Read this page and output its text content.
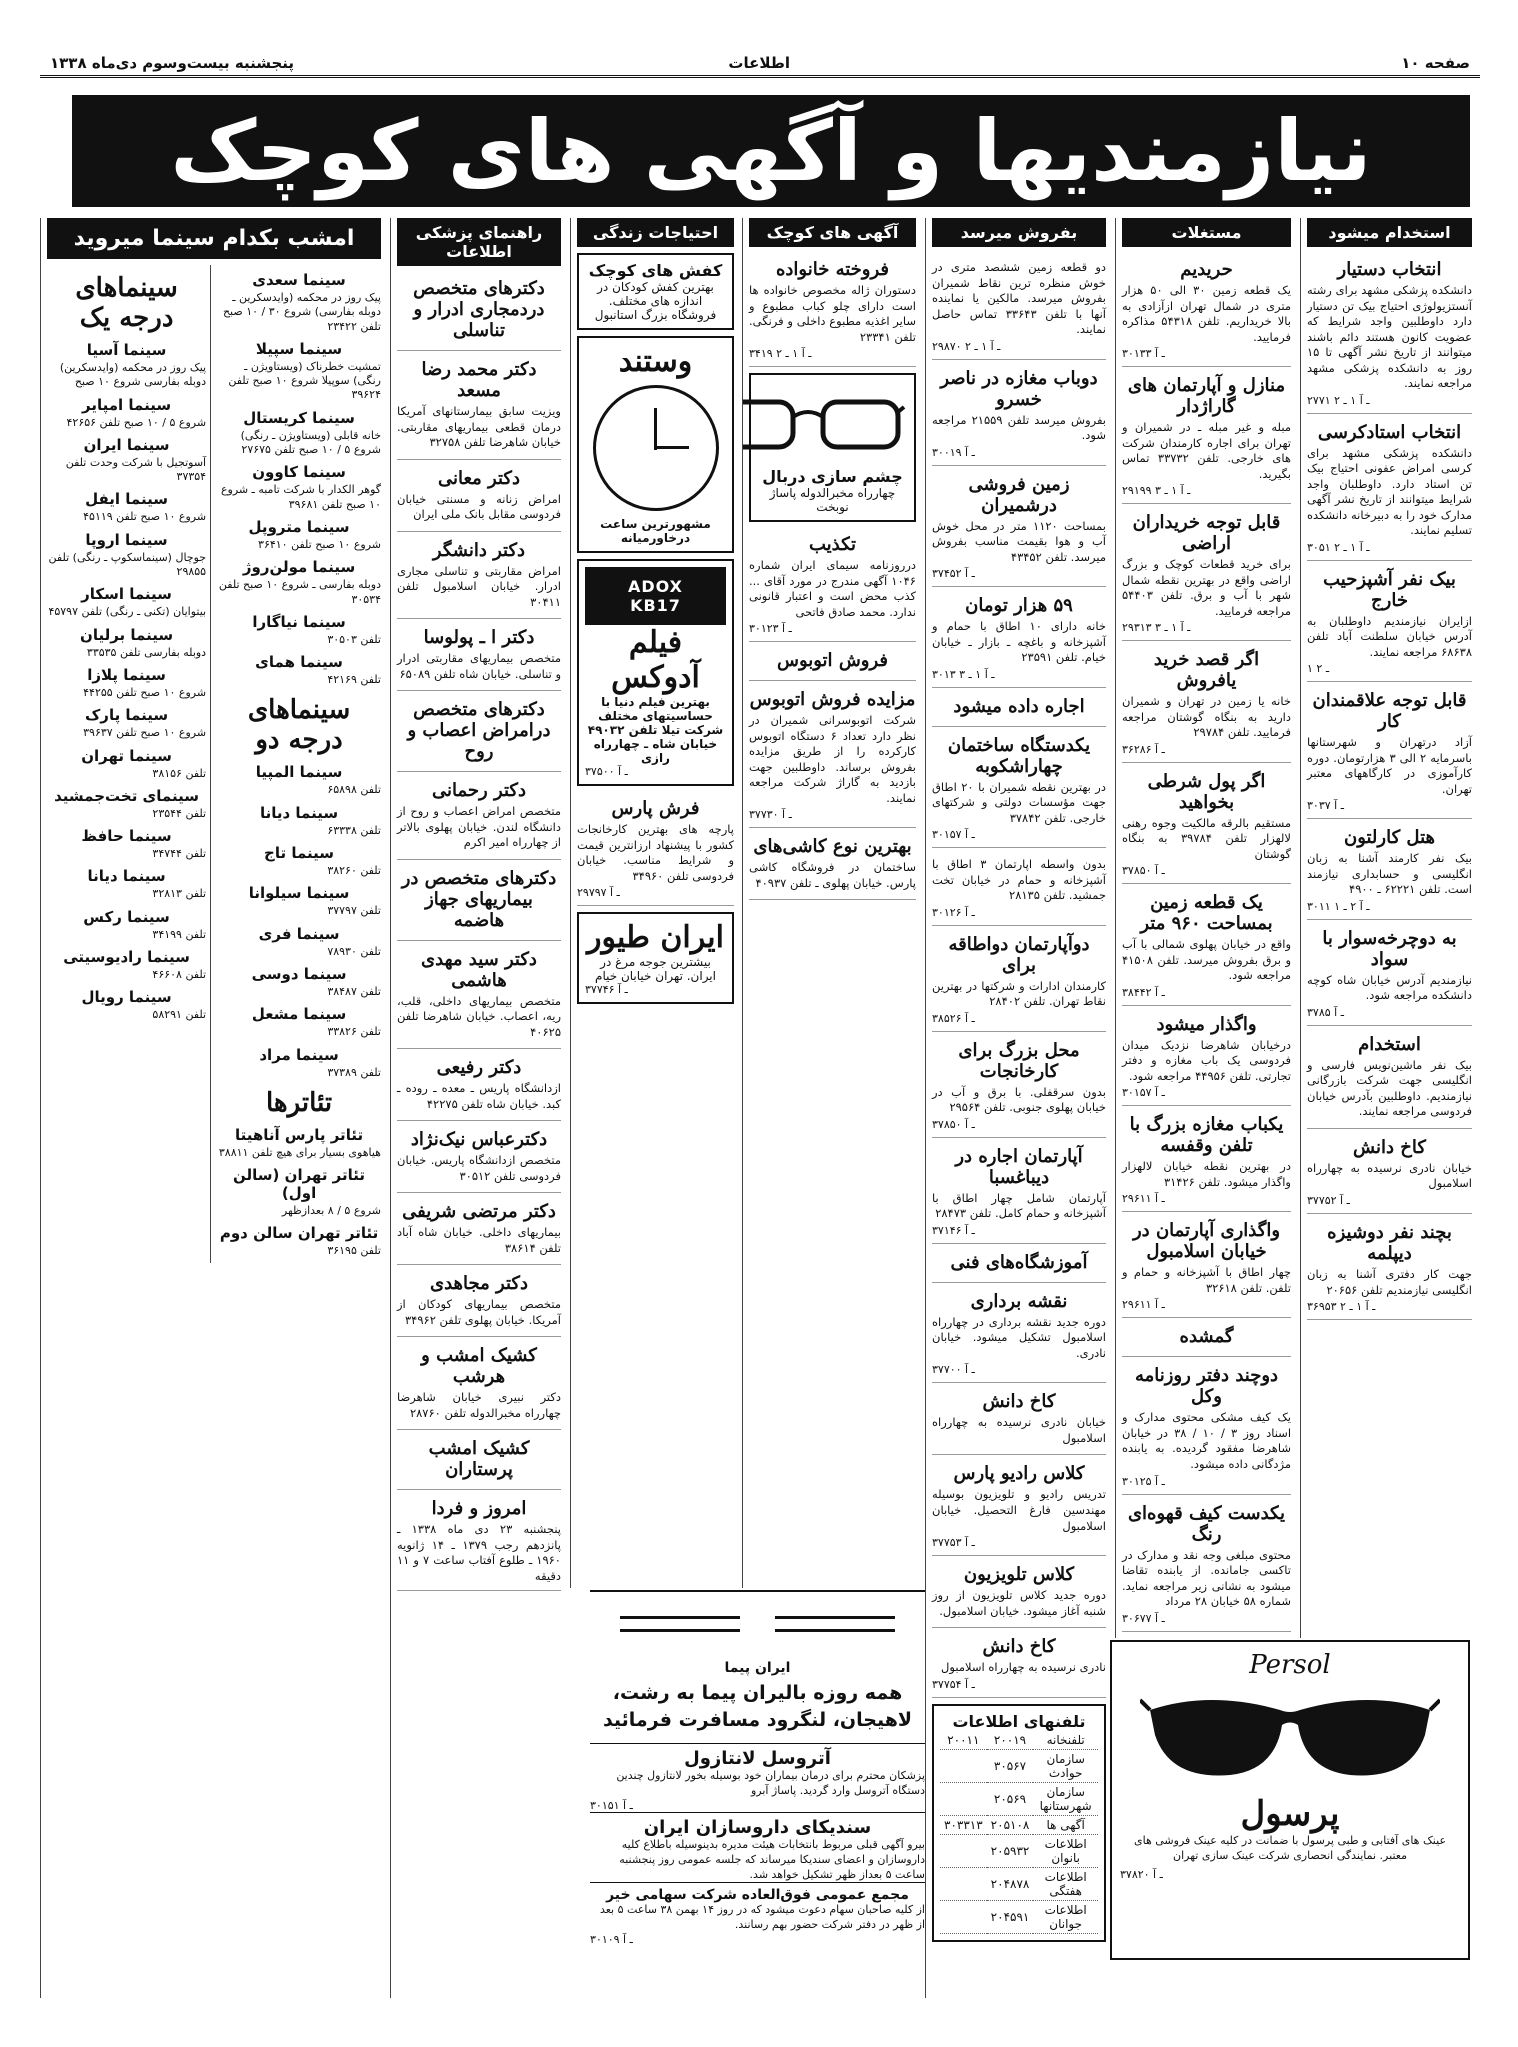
صفحه ۱۰
اطلاعات
پنجشنبه بیست‌وسوم دی‌ماه ۱۳۳۸
نیازمندیها و آگهی های کوچک
استخدام میشود
انتخاب دستیار

دانشکده پزشکی مشهد برای رشته آنستزیولوژی احتیاج بیک تن دستیار دارد داوطلبین واجد شرایط که عضویت کانون هستند دائم باشند میتوانند از تاریخ نشر آگهی تا ۱۵ روز به دانشکده پزشکی مشهد مراجعه نمایند.

۲۷۷۱ ـ آ ۱ ـ ۲
انتخاب استادکرسی

دانشکده پزشکی مشهد برای کرسی امراض عفونی احتیاج بیک تن استاد دارد. داوطلبان واجد شرایط میتوانند از تاریخ نشر آگهی مدارک خود را به دبیرخانه دانشکده تسلیم نمایند.

۳۰۵۱ ـ آ ۱ ـ ۲
بیک نفر آشپزحیب خارج

ازایران نیازمندیم داوطلبان به آدرس خیابان سلطنت آباد تلفن ۶۸۶۳۸ مراجعه نمایند.

۱ ـ ۲
قابل توجه علاقمندان کار

آزاد درتهران و شهرستانها باسرمایه ۲ الی ۳ هزارتومان. دوره کارآموزی در کارگاههای معتبر تهران.

۳۰۳۷ ـ آ
هتل کارلتون

بیک نفر کارمند آشنا به زبان انگلیسی و حسابداری نیازمند است. تلفن ۶۲۲۲۱ ـ ۴۹۰۰

۳۰۱۱ ـ آ ۲ ـ ۱
به دوچرخه‌سوار با سواد

نیازمندیم آدرس خیابان شاه کوچه دانشکده مراجعه شود.

۳۷۸۵ ـ آ
استخدام

بیک نفر ماشین‌نویس فارسی و انگلیسی جهت شرکت بازرگانی نیازمندیم. داوطلبین بآدرس خیابان فردوسی مراجعه نمایند.

کاخ دانش

خیابان نادری نرسیده به چهارراه اسلامبول

۳۷۷۵۲ ـ آ
بچند نفر دوشیزه دیپلمه

جهت کار دفتری آشنا به زبان انگلیسی نیازمندیم تلفن ۲۰۶۵۶

۳۶۹۵۳ ـ آ ۱ ـ ۲
مستغلات
حریدیم

یک قطعه زمین ۳۰ الی ۵۰ هزار متری در شمال تهران ازآزادی به بالا خریداریم. تلفن ۵۴۳۱۸ مذاکره فرمایید.

۳۰۱۳۳ ـ آ
منازل و آپارتمان های گاراژدار

مبله و غیر مبله ـ در شمیران و تهران برای اجاره کارمندان شرکت های خارجی. تلفن ۳۳۷۳۲ تماس بگیرید.

۲۹۱۹۹ ـ آ ۱ ـ ۳
قابل توجه خریداران اراضی

برای خرید قطعات کوچک و بزرگ اراضی واقع در بهترین نقطه شمال شهر با آب و برق. تلفن ۵۴۴۰۳ مراجعه فرمایید.

۲۹۳۱۳ ـ آ ۱ ـ ۳
اگر قصد خرید یافروش

خانه یا زمین در تهران و شمیران دارید به بنگاه گوشتان مراجعه فرمایید. تلفن ۲۹۷۸۴

۳۶۲۸۶ ـ آ
اگر پول شرطی بخواهید

مستقیم بالرقه مالکیت وجوه رهنی لالهزار تلفن ۳۹۷۸۴ به بنگاه گوشتان

۳۷۸۵۰ ـ آ
یک قطعه زمین بمساحت ۹۶۰ متر

واقع در خیابان پهلوی شمالی با آب و برق بفروش میرسد. تلفن ۴۱۵۰۸ مراجعه شود.

۳۸۴۴۲ ـ آ
واگذار میشود

درخیابان شاهرضا نزدیک میدان فردوسی یک باب مغازه و دفتر تجارتی. تلفن ۴۴۹۵۶ مراجعه شود.

۳۰۱۵۷ ـ آ
یکباب مغازه بزرگ با تلفن وقفسه

در بهترین نقطه خیابان لالهزار واگذار میشود. تلفن ۳۱۴۲۶

۲۹۶۱۱ ـ آ
واگذاری آپارتمان در خیابان اسلامبول

چهار اطاق با آشپزخانه و حمام و تلفن. تلفن ۳۲۶۱۸

۲۹۶۱۱ ـ آ
گمشده

دوچند دفتر روزنامه وکل

یک کیف مشکی محتوی مدارک و اسناد روز ۳ / ۱۰ / ۳۸ در خیابان شاهرضا مفقود گردیده. به یابنده مژدگانی داده میشود.

۳۰۱۲۵ ـ آ
یکدست کیف قهوه‌ای رنگ

محتوی مبلغی وجه نقد و مدارک در تاکسی جامانده. از یابنده تقاضا میشود به نشانی زیر مراجعه نماید. شماره ۵۸ خیابان ۲۸ مرداد

۳۰۶۷۷ ـ آ

بفروش میرسد

دو قطعه زمین ششصد متری در خوش منظره ترین نقاط شمیران بفروش میرسد. مالکین یا نماینده آنها با تلفن ۳۳۶۴۳ تماس حاصل نمایند.

۲۹۸۷۰ ـ آ ۱ ـ ۲
دوباب مغازه در ناصر خسرو

بفروش میرسد تلفن ۲۱۵۵۹ مراجعه شود.

۳۰۰۱۹ ـ آ
زمین فروشی درشمیران

بمساحت ۱۱۲۰ متر در محل خوش آب و هوا بقیمت مناسب بفروش میرسد. تلفن ۴۳۴۵۲

۳۷۴۵۲ ـ آ
۵۹ هزار تومان

خانه دارای ۱۰ اطاق با حمام و آشپزخانه و باغچه ـ بازار ـ خیابان خیام. تلفن ۲۳۵۹۱

۳۰۱۳ ـ آ ۱ ـ ۳
اجاره داده میشود

یکدستگاه ساختمان چهاراشکوبه

در بهترین نقطه شمیران با ۲۰ اطاق جهت مؤسسات دولتی و شرکتهای خارجی. تلفن ۳۷۸۴۲

۳۰۱۵۷ ـ آ

بدون واسطه اپارتمان ۳ اطاق با آشپزخانه و حمام در خیابان تخت جمشید. تلفن ۲۸۱۳۵

۳۰۱۲۶ ـ آ
دوآپارتمان دواطاقه برای

کارمندان ادارات و شرکتها در بهترین نقاط تهران. تلفن ۲۸۴۰۲

۳۸۵۲۶ ـ آ
محل بزرگ برای کارخانجات

بدون سرقفلی. با برق و آب در خیابان پهلوی جنوبی. تلفن ۲۹۵۶۴

۳۷۸۵۰ ـ آ
آپارتمان اجاره در دیباغسبا

آپارتمان شامل چهار اطاق با آشپزخانه و حمام کامل. تلفن ۲۸۴۷۳

۳۷۱۴۶ ـ آ
آموزشگاه‌های فنی

نقشه برداری

دوره جدید نقشه برداری در چهارراه اسلامبول تشکیل میشود. خیابان نادری.

۳۷۷۰۰ ـ آ
کاخ دانش

خیابان نادری نرسیده به چهارراه اسلامبول

کلاس رادیو پارس

تدریس رادیو و تلویزیون بوسیله مهندسین فارغ التحصیل. خیابان اسلامبول

۳۷۷۵۳ ـ آ
کلاس تلویزیون

دوره جدید کلاس تلویزیون از روز شنبه آغاز میشود. خیابان اسلامبول.

کاخ دانش

نادری نرسیده به چهارراه اسلامبول

۳۷۷۵۴ ـ آ
تلفنهای اطلاعات
تلفنخانه	۲۰۰۱۹	۲۰۰۱۱
سازمان حوادث	۳۰۵۶۷	
سازمان شهرستانها	۲۰۵۶۹	
آگهی ها	۲۰۵۱۰۸	۳۰۳۳۱۳
اطلاعات بانوان	۲۰۵۹۳۲	
اطلاعات هفتگی	۲۰۴۸۷۸	
اطلاعات جوانان	۲۰۴۵۹۱	
آگهی های کوچک
فروخته خانواده

دستوران ژاله مخصوص خانواده ها است دارای چلو کباب مطبوع و سایر اغذیه مطبوع داخلی و فرنگی. تلفن ۲۳۳۴۱

۳۴۱۹ ـ آ ۱ ـ ۲
چشم سازی دربال
چهارراه مخبرالدوله پاساژ نوبخت
تکذیب

درروزنامه سیمای ایران شماره ۱۰۴۶ آگهی مندرج در مورد آقای ... کذب محض است و اعتبار قانونی ندارد. محمد صادق فاتحی

۳۰۱۲۳ ـ آ
فروش اتوبوس

مزایده فروش اتوبوس

شرکت اتوبوسرانی شمیران در نظر دارد تعداد ۶ دستگاه اتوبوس کارکرده را از طریق مزایده بفروش برساند. داوطلبین جهت بازدید به گاراژ شرکت مراجعه نمایند.

۳۷۷۳۰ ـ آ
بهترین نوع کاشی‌های

ساختمان در فروشگاه کاشی پارس. خیابان پهلوی ـ تلفن ۴۰۹۳۷

احتیاجات زندگی
کفش های کوچک
بهترین کفش کودکان در اندازه های مختلف. فروشگاه بزرگ استانبول
وستند
مشهورترین ساعت درخاورمیانه
ADOX KB17
فیلم آدوکس
بهترین فیلم دنیا با حساسیتهای مختلف شرکت تیلا تلفن ۴۹۰۳۲ خیابان شاه ـ چهارراه رازی
۳۷۵۰۰ ـ آ
فرش پارس

پارچه های بهترین کارخانجات کشور با پیشنهاد ارزانترین قیمت و شرایط مناسب. خیابان فردوسی تلفن ۳۴۹۶۰

۲۹۷۹۷ ـ آ
ایران طیور
بیشترین جوجه مرغ در ایران. تهران خیابان خیام
۳۷۷۴۶ ـ آ
راهنمای پزشکی اطلاعات
دکترهای متخصص دردمجاری ادرار و تناسلی

دکتر محمد رضا مسعد

ویزیت سابق بیمارستانهای آمریکا درمان قطعی بیماریهای مقاربتی. خیابان شاهرضا تلفن ۳۲۷۵۸

دکتر معانی

امراض زنانه و مسنتی خیابان فردوسی مقابل بانک ملی ایران

دکتر دانشگر

امراض مقاربتی و تناسلی مجاری ادرار. خیابان اسلامبول تلفن ۳۰۴۱۱

دکتر ا ـ پولوسا

متخصص بیماریهای مقاربتی ادرار و تناسلی. خیابان شاه تلفن ۶۵۰۸۹

دکترهای متخصص درامراض اعصاب و روح

دکتر رحمانی

متخصص امراض اعصاب و روح از دانشگاه لندن. خیابان پهلوی بالاتر از چهارراه امیر اکرم

دکترهای متخصص در بیماریهای جهاز هاضمه

دکتر سید مهدی هاشمی

متخصص بیماریهای داخلی، قلب، ریه، اعصاب. خیابان شاهرضا تلفن ۴۰۶۲۵

دکتر رفیعی

ازدانشگاه پاریس ـ معده ـ روده ـ کبد. خیابان شاه تلفن ۴۲۲۷۵

دکترعباس نیک‌نژاد

متخصص ازدانشگاه پاریس. خیابان فردوسی تلفن ۳۰۵۱۲

دکتر مرتضی شریفی

بیماریهای داخلی. خیابان شاه آباد تلفن ۳۸۶۱۴

دکتر مجاهدی

متخصص بیماریهای کودکان از آمریکا. خیابان پهلوی تلفن ۳۴۹۶۲

کشیک امشب و هرشب

دکتر نبیری خیابان شاهرضا چهارراه مخبرالدوله تلفن ۲۸۷۶۰

کشیک امشب پرستاران

امروز و فردا

پنجشنبه ۲۳ دی ماه ۱۳۳۸ ـ پانزدهم رجب ۱۳۷۹ ـ ۱۴ ژانویه ۱۹۶۰ ـ طلوع آفتاب ساعت ۷ و ۱۱ دقیقه

امشب بکدام سینما میروید
سینما سعدی

پیک روز در محکمه (وایدسکرین ـ دوبله بفارسی) شروع ۳۰ / ۱۰ صبح تلفن ۲۳۴۲۲

سینما سپیلا

تمشیت خطرناک (ویستاویژن ـ رنگی) سوپیلا شروع ۱۰ صبح تلفن ۳۹۶۲۴

سینما کریستال

خانه قابلی (ویستاویژن ـ رنگی) شروع ۵ / ۱۰ صبح تلفن ۲۷۶۷۵

سینما کاوون

گوهر الکدار با شرکت تامبه ـ شروع ۱۰ صبح تلفن ۳۹۶۸۱

سینما متروپل

شروع ۱۰ صبح تلفن ۳۶۴۱۰

سینما مولن‌روژ

دوبله بفارسی ـ شروع ۱۰ صبح تلفن ۳۰۵۳۴

سینما نیاگارا

تلفن ۳۰۵۰۳

سینما همای

تلفن ۴۲۱۶۹

سینماهای درجه دو
سینما المپیا

تلفن ۶۵۸۹۸

سینما دیانا

تلفن ۶۳۳۳۸

سینما تاج

تلفن ۳۸۲۶۰

سینما سیلوانا

تلفن ۳۷۷۹۷

سینما فری

تلفن ۷۸۹۳۰

سینما دوسی

تلفن ۳۸۴۸۷

سینما مشعل

تلفن ۳۳۸۲۶

سینما مراد

تلفن ۳۷۳۸۹

تئاترها
تئاتر پارس آناهیتا

هیاهوی بسیار برای هیچ تلفن ۳۸۸۱۱

تئاتر تهران (سالن اول)

شروع ۵ / ۸ بعدازظهر

تئاتر تهران سالن دوم

تلفن ۳۶۱۹۵

سینماهای درجه یک
سینما آسیا

پیک روز در محکمه (وایدسکرین) دوبله بفارسی شروع ۱۰ صبح

سینما امپایر

شروع ۵ / ۱۰ صبح تلفن ۴۲۶۵۶

سینما ایران

آسوتجیل با شرکت وحدت تلفن ۳۷۳۵۴

سینما ایفل

شروع ۱۰ صبح تلفن ۴۵۱۱۹

سینما اروپا

جوچال (سینماسکوپ ـ رنگی) تلفن ۲۹۸۵۵

سینما اسکار

بیتوایان (تکنی ـ رنگی) تلفن ۴۵۷۹۷

سینما برلیان

دوبله بفارسی تلفن ۳۳۵۳۵

سینما پلازا

شروع ۱۰ صبح تلفن ۴۴۲۵۵

سینما پارک

شروع ۱۰ صبح تلفن ۳۹۶۳۷

سینما تهران

تلفن ۳۸۱۵۶

سینمای تخت‌جمشید

تلفن ۲۳۵۴۴

سینما حافظ

تلفن ۳۴۷۴۴

سینما دیانا

تلفن ۳۲۸۱۳

سینما رکس

تلفن ۳۴۱۹۹

سینما رادیوسیتی

تلفن ۴۶۶۰۸

سینما رویال

تلفن ۵۸۲۹۱

ایران پیما
همه روزه بالیران پیما به رشت، لاهیجان، لنگرود مسافرت فرمائید
آتروسل لانتازول
پزشکان محترم برای درمان بیماران خود بوسیله بخور لانتازول چندین دستگاه آتروسل وارد گردید. پاساژ آبرو
۳۰۱۵۱ ـ آ
سندیکای داروسازان ایران
بیرو آگهی قبلی مربوط بانتخابات هیئت مدیره بدینوسیله باطلاع کلیه داروسازان و اعضای سندیکا میرساند که جلسه عمومی روز پنجشنبه ساعت ۵ بعداز ظهر تشکیل خواهد شد.
مجمع عمومی فوق‌العاده شرکت سهامی خیر
از کلیه صاحبان سهام دعوت میشود که در روز ۱۴ بهمن ۳۸ ساعت ۵ بعد از ظهر در دفتر شرکت حضور بهم رسانند.
۳۰۱۰۹ ـ آ
Persol
پرسول
عینک های آفتابی و طبی پرسول با ضمانت در کلیه عینک فروشی های معتبر. نمایندگی انحصاری شرکت عینک سازی تهران
۳۷۸۲۰ ـ آ
